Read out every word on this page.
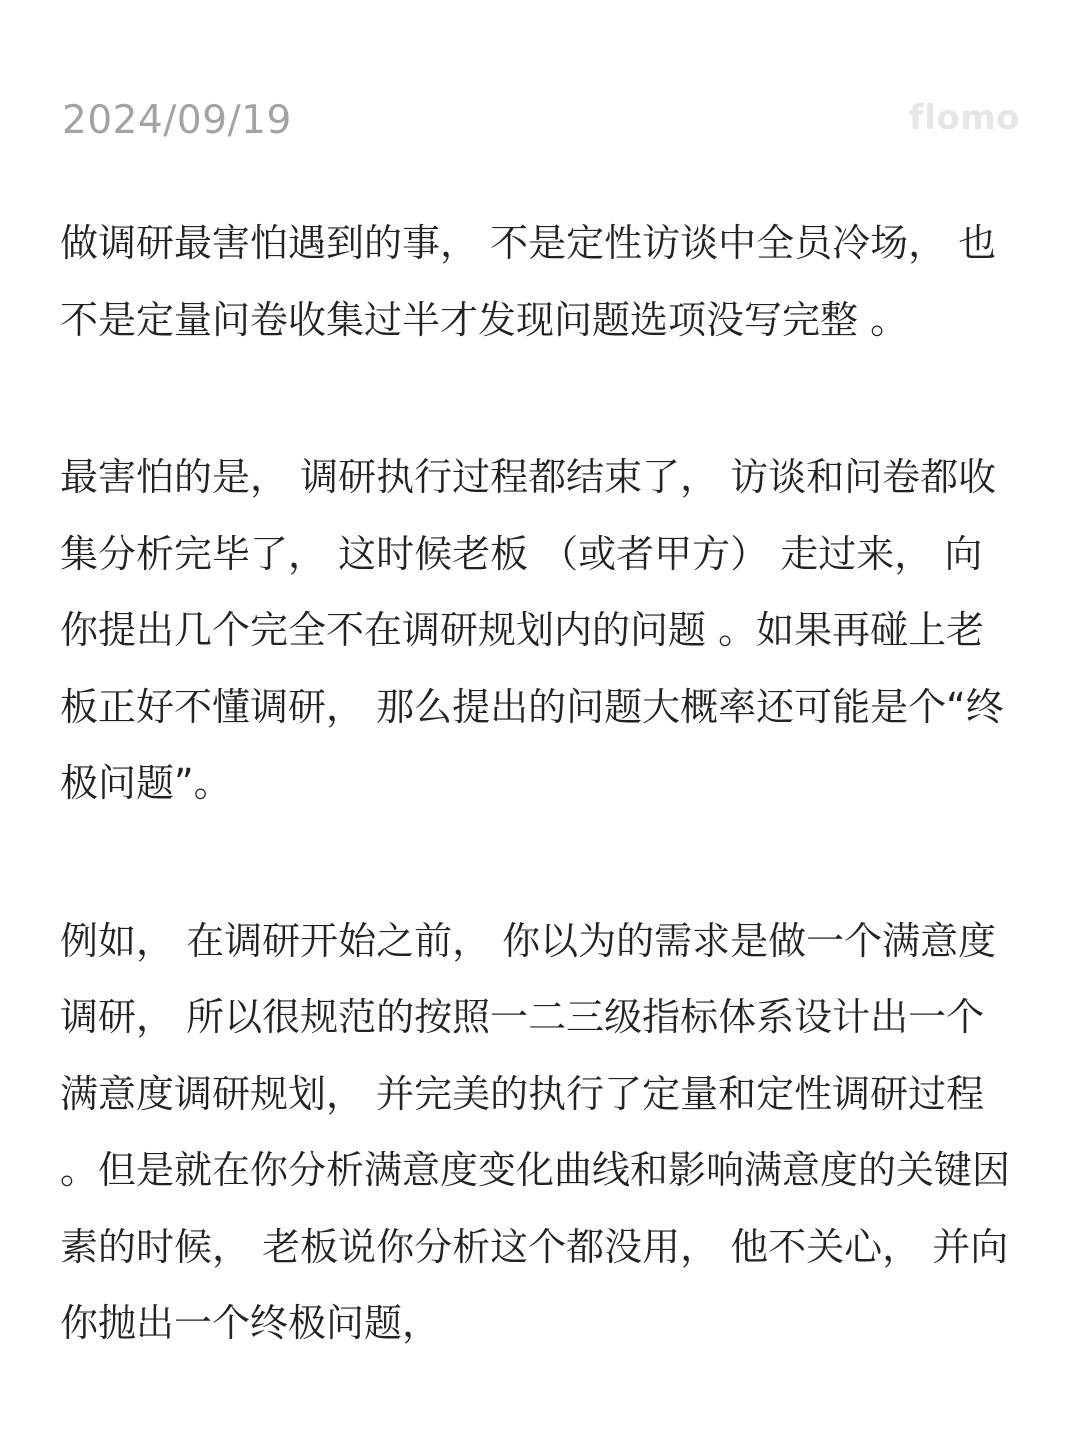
2024/09/19	flomo

做调研最害怕遇到的事， 不是定性访谈中全员冷场， 也不是定量问卷收集过半才发现问题选项没写完整 。

最害怕的是， 调研执行过程都结束了， 访谈和问卷都收集分析完毕了， 这时候老板 （或者甲方） 走过来， 向你提出几个完全不在调研规划内的问题 。如果再碰上老板正好不懂调研， 那么提出的问题大概率还可能是个“终极问题”。

例如， 在调研开始之前， 你以为的需求是做一个满意度调研， 所以很规范的按照一二三级指标体系设计出一个满意度调研规划， 并完美的执行了定量和定性调研过程 。但是就在你分析满意度变化曲线和影响满意度的关键因素的时候， 老板说你分析这个都没用， 他不关心， 并向你抛出一个终极问题，
